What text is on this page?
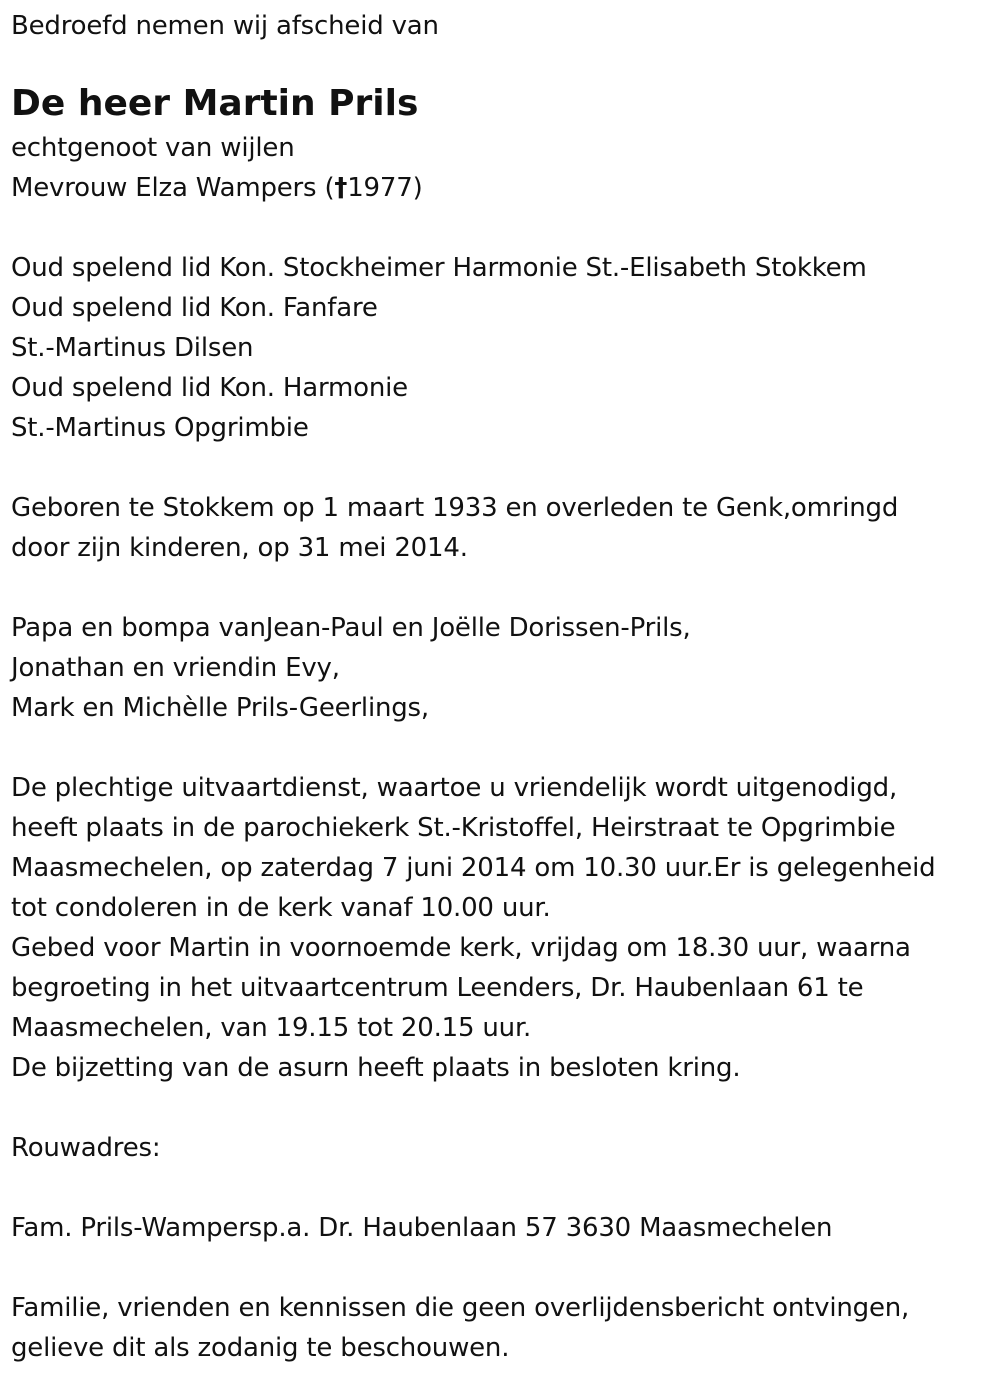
Bedroefd nemen wij afscheid van
De heer Martin Prils
echtgenoot van wijlen
Mevrouw Elza Wampers (†1977)
Oud spelend lid Kon. Stockheimer Harmonie St.-Elisabeth Stokkem
Oud spelend lid Kon. Fanfare
St.-Martinus Dilsen
Oud spelend lid Kon. Harmonie
St.-Martinus Opgrimbie
Geboren te Stokkem op 1 maart 1933 en overleden te Genk,omringd
door zijn kinderen, op 31 mei 2014.
Papa en bompa vanJean-Paul en Joëlle Dorissen-Prils,
Jonathan en vriendin Evy,
Mark en Michèlle Prils-Geerlings,
De plechtige uitvaartdienst, waartoe u vriendelijk wordt uitgenodigd,
heeft plaats in de parochiekerk St.-Kristoffel, Heirstraat te Opgrimbie
Maasmechelen, op zaterdag 7 juni 2014 om 10.30 uur.Er is gelegenheid
tot condoleren in de kerk vanaf 10.00 uur.
Gebed voor Martin in voornoemde kerk, vrijdag om 18.30 uur, waarna
begroeting in het uitvaartcentrum Leenders, Dr. Haubenlaan 61 te
Maasmechelen, van 19.15 tot 20.15 uur.
De bijzetting van de asurn heeft plaats in besloten kring.
Rouwadres:
Fam. Prils-Wampersp.a. Dr. Haubenlaan 57 3630 Maasmechelen
Familie, vrienden en kennissen die geen overlijdensbericht ontvingen,
gelieve dit als zodanig te beschouwen.
